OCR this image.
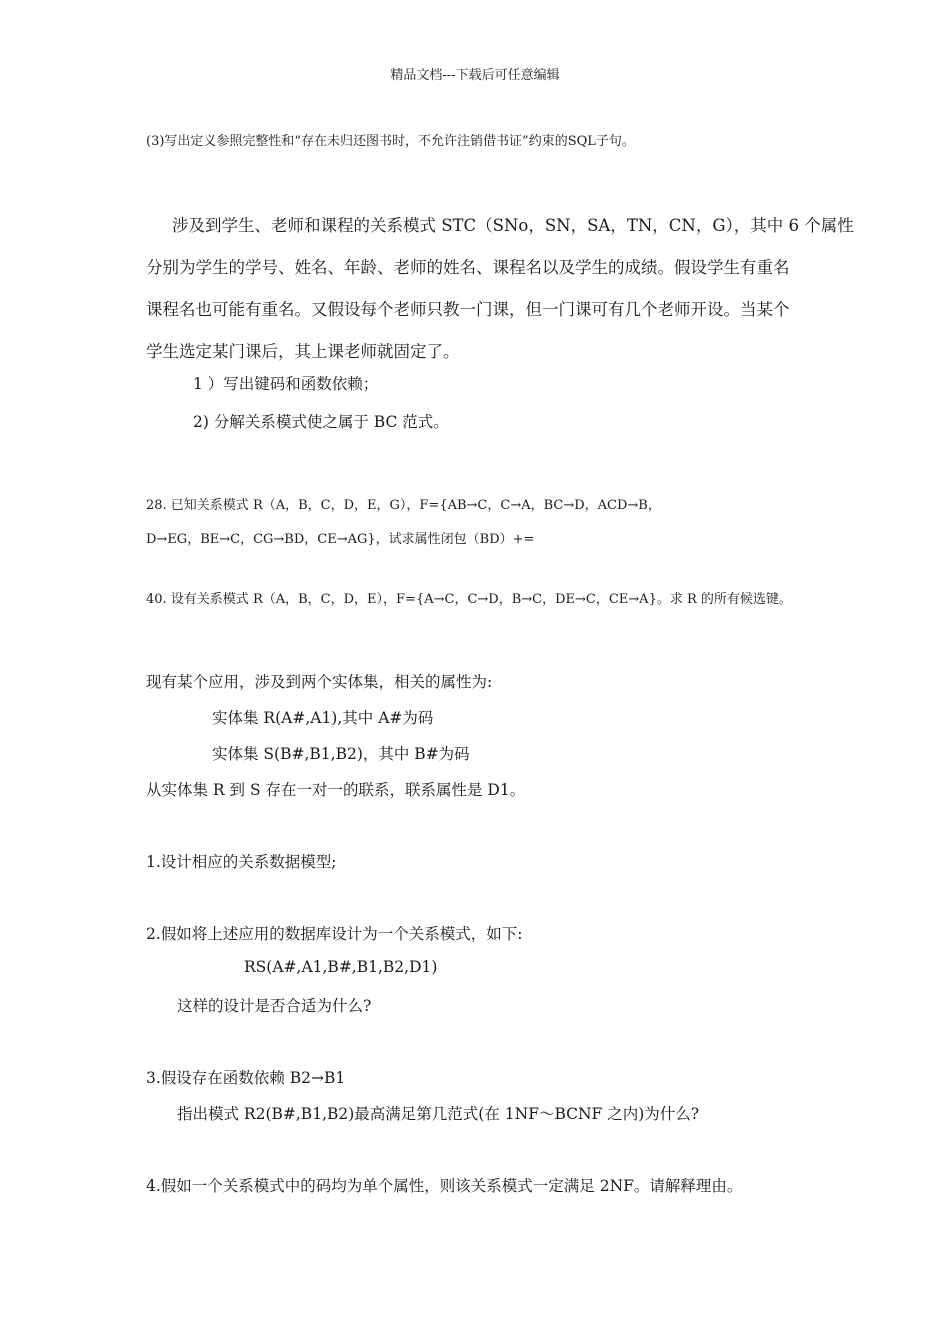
精品文档---下载后可任意编辑
(3)写出定义参照完整性和“存在未归还图书时，不允许注销借书证”约束的SQL子句。
涉及到学生、老师和课程的关系模式 STC（SNo，SN，SA，TN，CN，G），其中 6 个属性
分别为学生的学号、姓名、年龄、老师的姓名、课程名以及学生的成绩。假设学生有重名
课程名也可能有重名。又假设每个老师只教一门课，但一门课可有几个老师开设。当某个
学生选定某门课后，其上课老师就固定了。
1 ）写出键码和函数依赖；
2) 分解关系模式使之属于 BC 范式。
28. 已知关系模式 R（A，B，C，D，E，G），F={AB→C，C→A，BC→D，ACD→B，
D→EG，BE→C，CG→BD，CE→AG}，试求属性闭包（BD）+=
40. 设有关系模式 R（A，B，C，D，E），F={A→C，C→D，B→C，DE→C，CE→A}。求 R 的所有候选键。
现有某个应用，涉及到两个实体集，相关的属性为:
实体集 R(A#,A1),其中 A#为码
实体集 S(B#,B1,B2)，其中 B#为码
从实体集 R 到 S 存在一对一的联系，联系属性是 D1。
1.设计相应的关系数据模型;
2.假如将上述应用的数据库设计为一个关系模式，如下:
RS(A#,A1,B#,B1,B2,D1)
这样的设计是否合适为什么?
3.假设存在函数依赖 B2→B1
指出模式 R2(B#,B1,B2)最高满足第几范式(在 1NF～BCNF 之内)为什么?
4.假如一个关系模式中的码均为单个属性，则该关系模式一定满足 2NF。请解释理由。
